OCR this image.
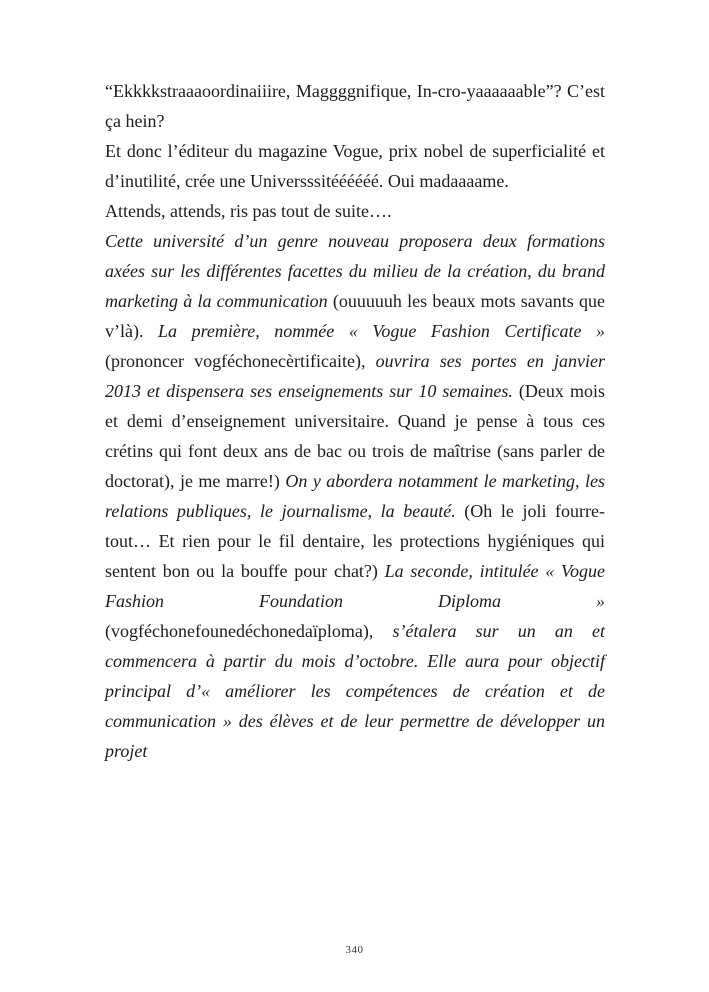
“Ekkkkstraaaoordinaiiire, Maggggnifique, In-cro-yaaaaaable”? C’est ça hein?

Et donc l’éditeur du magazine Vogue, prix nobel de superficialité et d’inutilité, crée une Universssitéééééé. Oui madaaaame.

Attends, attends, ris pas tout de suite….

Cette université d’un genre nouveau proposera deux formations axées sur les différentes facettes du milieu de la création, du brand marketing à la communication (ouuuuuh les beaux mots savants que v’là). La première, nommée « Vogue Fashion Certificate » (prononcer vogféchonecèrtificaite), ouvrira ses portes en janvier 2013 et dispensera ses enseignements sur 10 semaines. (Deux mois et demi d’enseignement universitaire. Quand je pense à tous ces crétins qui font deux ans de bac ou trois de maîtrise (sans parler de doctorat), je me marre!) On y abordera notamment le marketing, les relations publiques, le journalisme, la beauté. (Oh le joli fourre-tout… Et rien pour le fil dentaire, les protections hygiéniques qui sentent bon ou la bouffe pour chat?) La seconde, intitulée « Vogue Fashion Foundation Diploma » (vogféchonefounedéchonedaïploma), s’étalera sur un an et commencera à partir du mois d’octobre. Elle aura pour objectif principal d’« améliorer les compétences de création et de communication » des élèves et de leur permettre de développer un projet

340
